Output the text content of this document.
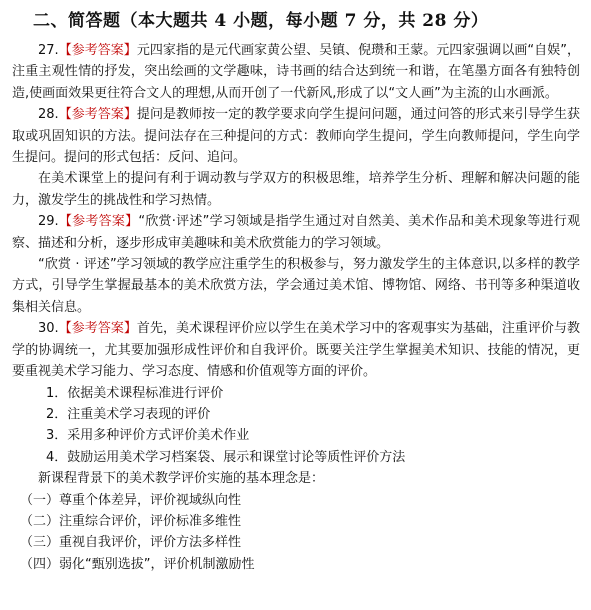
二、简答题（本大题共 4 小题，每小题 7 分，共 28 分）

27.【参考答案】元四家指的是元代画家黄公望、吴镇、倪瓒和王蒙。元四家强调以画“自娱”，注重主观性情的抒发，突出绘画的文学趣味，诗书画的结合达到统一和谐，在笔墨方面各有独特创造,使画面效果更往符合文人的理想,从而开创了一代新风,形成了以“文人画”为主流的山水画派。

28.【参考答案】提问是教师按一定的教学要求向学生提问问题，通过问答的形式来引导学生获取或巩固知识的方法。提问法存在三种提问的方式：教师向学生提问，学生向教师提问，学生向学生提问。提问的形式包括：反问、追问。

在美术课堂上的提问有利于调动教与学双方的积极思维，培养学生分析、理解和解决问题的能力，激发学生的挑战性和学习热情。

29.【参考答案】“欣赏·评述”学习领域是指学生通过对自然美、美术作品和美术现象等进行观察、描述和分析，逐步形成审美趣味和美术欣赏能力的学习领域。

“欣赏 · 评述”学习领域的教学应注重学生的积极参与，努力激发学生的主体意识,以多样的教学方式，引导学生掌握最基本的美术欣赏方法，学会通过美术馆、博物馆、网络、书刊等多种渠道收集相关信息。

30.【参考答案】首先，美术课程评价应以学生在美术学习中的客观事实为基础，注重评价与教学的协调统一，尤其要加强形成性评价和自我评价。既要关注学生掌握美术知识、技能的情况，更要重视美术学习能力、学习态度、情感和价值观等方面的评价。

1．依据美术课程标准进行评价

2．注重美术学习表现的评价

3．采用多种评价方式评价美术作业

4．鼓励运用美术学习档案袋、展示和课堂讨论等质性评价方法

新课程背景下的美术教学评价实施的基本理念是：

（一）尊重个体差异，评价视域纵向性

（二）注重综合评价，评价标准多维性

（三）重视自我评价，评价方法多样性

（四）弱化“甄别选拔”，评价机制激励性
